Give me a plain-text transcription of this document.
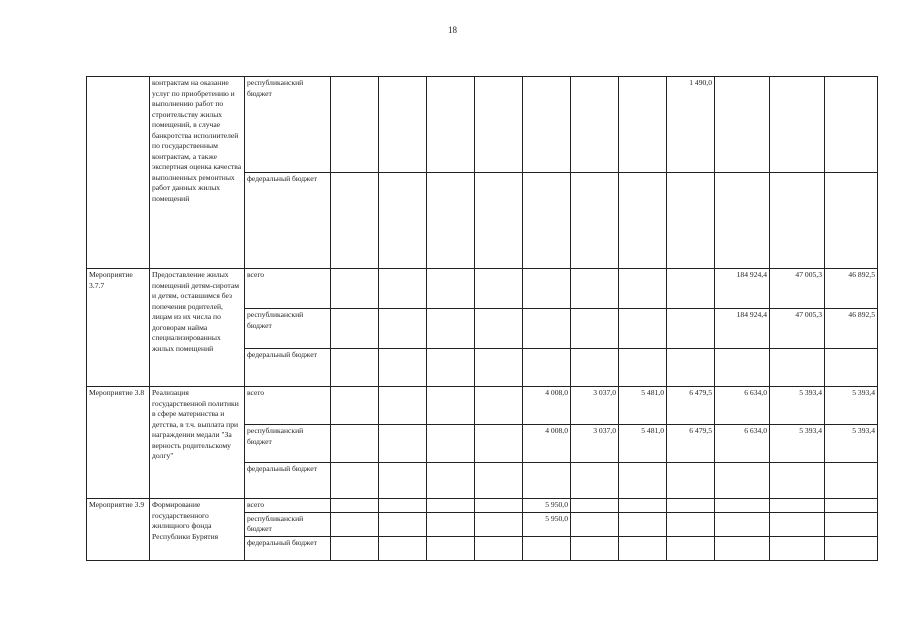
18
	контрактам на оказание услуг по приобретению и выполнению работ по строительству жилых помещений, в случае банкротства исполнителей по государственным контрактам, а также экспертная оценка качества выполненных ремонтных работ данных жилых помещений	республиканский бюджет								1 490,0			
		федеральный бюджет											
Мероприятие 3.7.7	Предоставление жилых помещений детям-сиротам и детям, оставшимся без попечения родителей, лицам из их числа по договорам найма специализированных жилых помещений	всего									184 924,4	47 005,3	46 892,5
		республиканский бюджет									184 924,4	47 005,3	46 892,5
		федеральный бюджет											
Мероприятие 3.8	Реализация государственной политики в сфере материнства и детства, в т.ч. выплата при награждении медали "За верность родительскому долгу"	всего					4 008,0	3 037,0	5 481,0	6 479,5	6 634,0	5 393,4	5 393,4
		республиканский бюджет					4 008,0	3 037,0	5 481,0	6 479,5	6 634,0	5 393,4	5 393,4
		федеральный бюджет											
Мероприятие 3.9	Формирование государственного жилищного фонда Республики Бурятия	всего					5 950,0						
		республиканский бюджет					5 950,0						
		федеральный бюджет											
